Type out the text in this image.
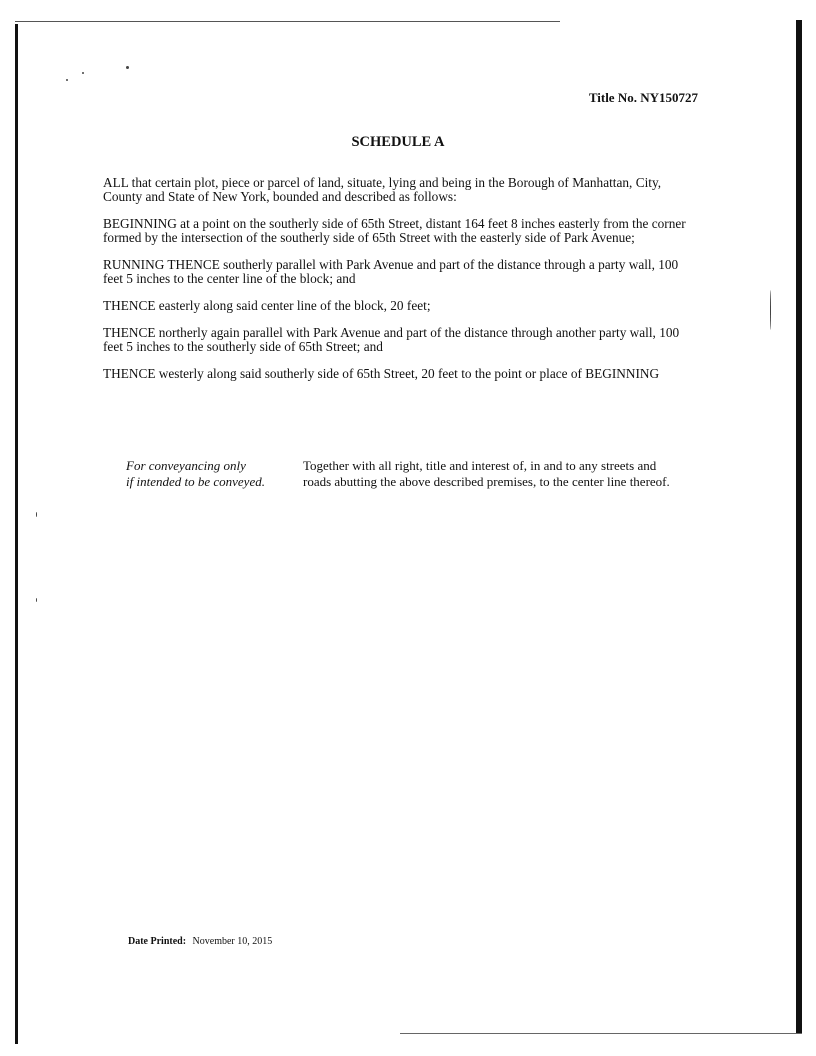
Title No. NY150727
SCHEDULE A

ALL that certain plot, piece or parcel of land, situate, lying and being in the Borough of Manhattan, City, County and State of New York, bounded and described as follows:

BEGINNING at a point on the southerly side of 65th Street, distant 164 feet 8 inches easterly from the corner formed by the intersection of the southerly side of 65th Street with the easterly side of Park Avenue;

RUNNING THENCE southerly parallel with Park Avenue and part of the distance through a party wall, 100 feet 5 inches to the center line of the block; and

THENCE easterly along said center line of the block, 20 feet;

THENCE northerly again parallel with Park Avenue and part of the distance through another party wall, 100 feet 5 inches to the southerly side of 65th Street; and

THENCE westerly along said southerly side of 65th Street, 20 feet to the point or place of BEGINNING

For conveyancing only
if intended to be conveyed.
Together with all right, title and interest of, in and to any streets and
roads abutting the above described premises, to the center line thereof.
Date Printed: November 10, 2015
